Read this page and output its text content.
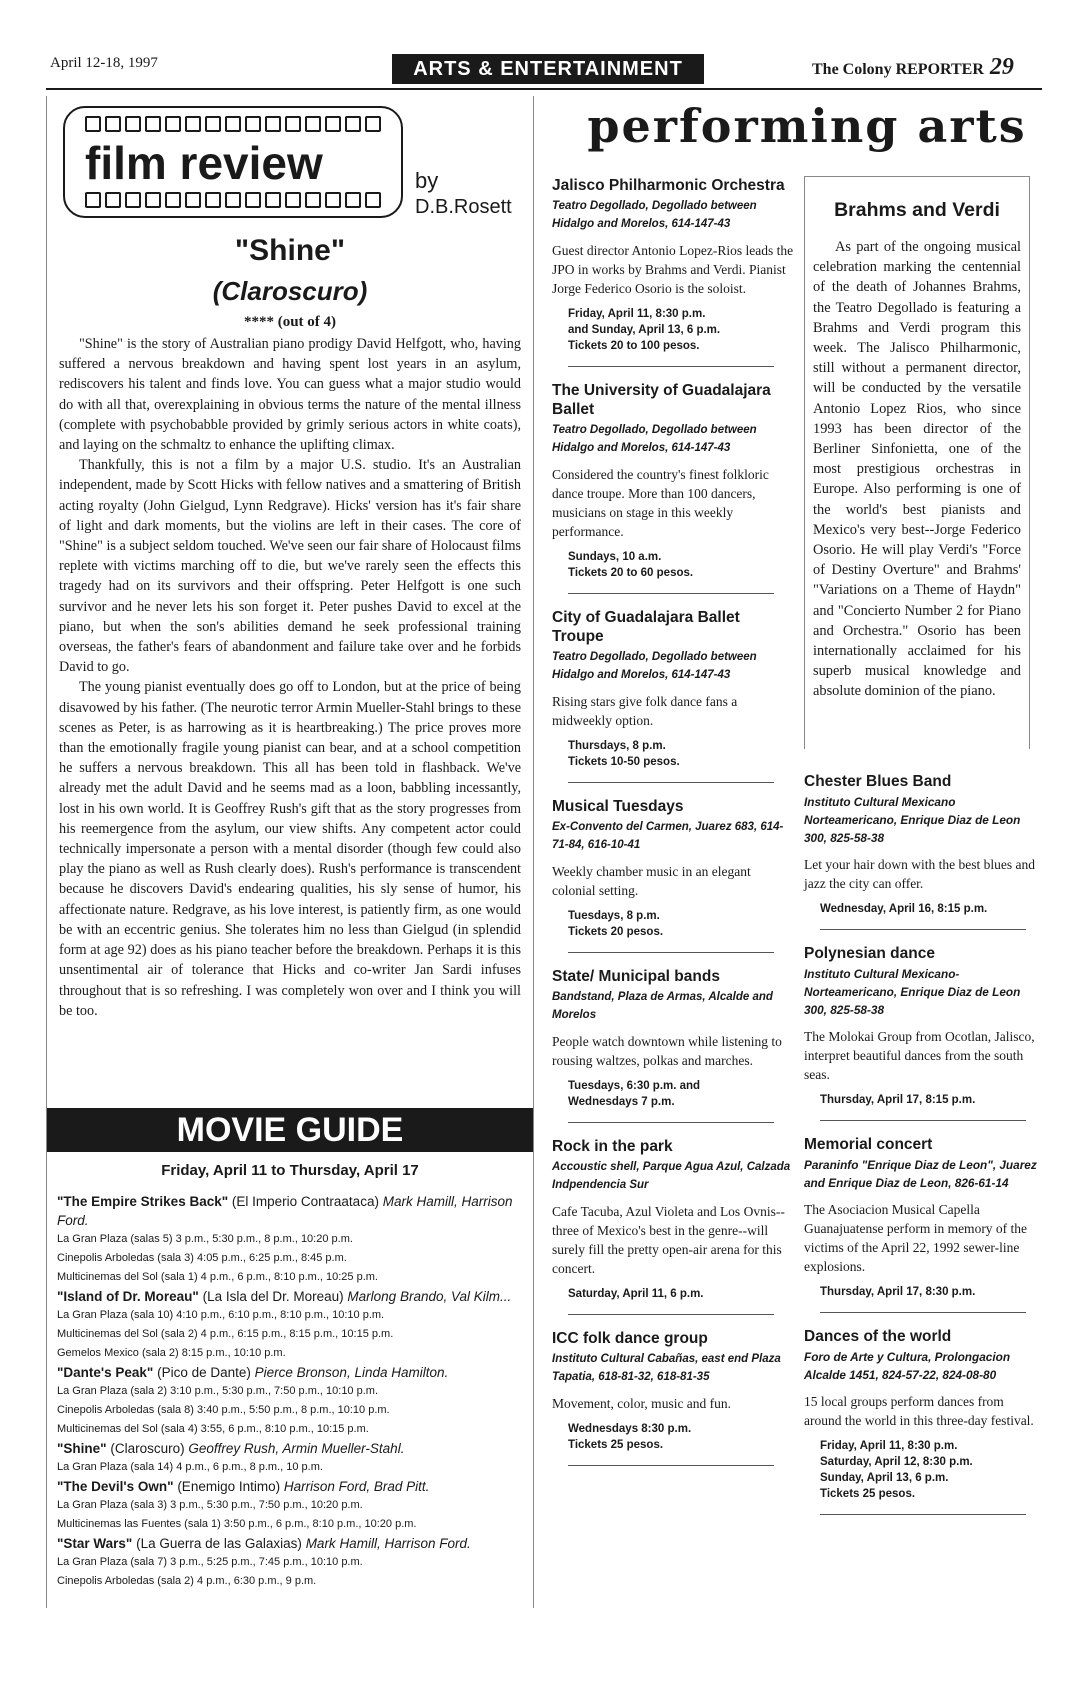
April 12-18, 1997	ARTS & ENTERTAINMENT	The Colony REPORTER 29
film review	by
D.B.Rosett
"Shine"
(Claroscuro)
**** (out of 4)

"Shine" is the story of Australian piano prodigy David Helfgott, who, having suffered a nervous breakdown and having spent lost years in an asylum, rediscovers his talent and finds love. You can guess what a major studio would do with all that, overexplaining in obvious terms the nature of the mental illness (complete with psychobabble provided by grimly serious actors in white coats), and laying on the schmaltz to enhance the uplifting climax.

Thankfully, this is not a film by a major U.S. studio. It's an Australian independent, made by Scott Hicks with fellow natives and a smattering of British acting royalty (John Gielgud, Lynn Redgrave). Hicks' version has it's fair share of light and dark moments, but the violins are left in their cases. The core of "Shine" is a subject seldom touched. We've seen our fair share of Holocaust films replete with victims marching off to die, but we've rarely seen the effects this tragedy had on its survivors and their offspring. Peter Helfgott is one such survivor and he never lets his son forget it. Peter pushes David to excel at the piano, but when the son's abilities demand he seek professional training overseas, the father's fears of abandonment and failure take over and he forbids David to go.

The young pianist eventually does go off to London, but at the price of being disavowed by his father. (The neurotic terror Armin Mueller-Stahl brings to these scenes as Peter, is as harrowing as it is heartbreaking.) The price proves more than the emotionally fragile young pianist can bear, and at a school competition he suffers a nervous breakdown. This all has been told in flashback. We've already met the adult David and he seems mad as a loon, babbling incessantly, lost in his own world. It is Geoffrey Rush's gift that as the story progresses from his reemergence from the asylum, our view shifts. Any competent actor could technically impersonate a person with a mental disorder (though few could also play the piano as well as Rush clearly does). Rush's performance is transcendent because he discovers David's endearing qualities, his sly sense of humor, his affectionate nature. Redgrave, as his love interest, is patiently firm, as one would be with an eccentric genius. She tolerates him no less than Gielgud (in splendid form at age 92) does as his piano teacher before the breakdown. Perhaps it is this unsentimental air of tolerance that Hicks and co-writer Jan Sardi infuses throughout that is so refreshing. I was completely won over and I think you will be too.

MOVIE GUIDE
Friday, April 11 to Thursday, April 17
"The Empire Strikes Back" (El Imperio Contraataca) Mark Hamill, Harrison Ford.
La Gran Plaza (salas 5) 3 p.m., 5:30 p.m., 8 p.m., 10:20 p.m.
Cinepolis Arboledas (sala 3) 4:05 p.m., 6:25 p.m., 8:45 p.m.
Multicinemas del Sol (sala 1) 4 p.m., 6 p.m., 8:10 p.m., 10:25 p.m.
"Island of Dr. Moreau" (La Isla del Dr. Moreau) Marlong Brando, Val Kilm...
La Gran Plaza (sala 10) 4:10 p.m., 6:10 p.m., 8:10 p.m., 10:10 p.m.
Multicinemas del Sol (sala 2) 4 p.m., 6:15 p.m., 8:15 p.m., 10:15 p.m.
Gemelos Mexico (sala 2) 8:15 p.m., 10:10 p.m.
"Dante's Peak" (Pico de Dante) Pierce Bronson, Linda Hamilton.
La Gran Plaza (sala 2) 3:10 p.m., 5:30 p.m., 7:50 p.m., 10:10 p.m.
Cinepolis Arboledas (sala 8) 3:40 p.m., 5:50 p.m., 8 p.m., 10:10 p.m.
Multicinemas del Sol (sala 4) 3:55, 6 p.m., 8:10 p.m., 10:15 p.m.
"Shine" (Claroscuro) Geoffrey Rush, Armin Mueller-Stahl.
La Gran Plaza (sala 14) 4 p.m., 6 p.m., 8 p.m., 10 p.m.
"The Devil's Own" (Enemigo Intimo) Harrison Ford, Brad Pitt.
La Gran Plaza (sala 3) 3 p.m., 5:30 p.m., 7:50 p.m., 10:20 p.m.
Multicinemas las Fuentes (sala 1) 3:50 p.m., 6 p.m., 8:10 p.m., 10:20 p.m.
"Star Wars" (La Guerra de las Galaxias) Mark Hamill, Harrison Ford.
La Gran Plaza (sala 7) 3 p.m., 5:25 p.m., 7:45 p.m., 10:10 p.m.
Cinepolis Arboledas (sala 2) 4 p.m., 6:30 p.m., 9 p.m.
performing arts
Jalisco Philharmonic Orchestra
Teatro Degollado, Degollado between Hidalgo and Morelos, 614-147-43
Guest director Antonio Lopez-Rios leads the JPO in works by Brahms and Verdi. Pianist Jorge Federico Osorio is the soloist.
Friday, April 11, 8:30 p.m.
and Sunday, April 13, 6 p.m.
Tickets 20 to 100 pesos.
The University of Guadalajara Ballet
Teatro Degollado, Degollado between Hidalgo and Morelos, 614-147-43
Considered the country's finest folkloric dance troupe. More than 100 dancers, musicians on stage in this weekly performance.
Sundays, 10 a.m.
Tickets 20 to 60 pesos.
City of Guadalajara Ballet Troupe
Teatro Degollado, Degollado between Hidalgo and Morelos, 614-147-43
Rising stars give folk dance fans a midweekly option.
Thursdays, 8 p.m.
Tickets 10-50 pesos.
Musical Tuesdays
Ex-Convento del Carmen, Juarez 683, 614-71-84, 616-10-41
Weekly chamber music in an elegant colonial setting.
Tuesdays, 8 p.m.
Tickets 20 pesos.
State/ Municipal bands
Bandstand, Plaza de Armas, Alcalde and Morelos
People watch downtown while listening to rousing waltzes, polkas and marches.
Tuesdays, 6:30 p.m. and
Wednesdays 7 p.m.
Rock in the park
Accoustic shell, Parque Agua Azul, Calzada Indpendencia Sur
Cafe Tacuba, Azul Violeta and Los Ovnis--three of Mexico's best in the genre--will surely fill the pretty open-air arena for this concert.
Saturday, April 11, 6 p.m.
ICC folk dance group
Instituto Cultural Cabañas, east end Plaza Tapatia, 618-81-32, 618-81-35
Movement, color, music and fun.
Wednesdays 8:30 p.m.
Tickets 25 pesos.
Brahms and Verdi

As part of the ongoing musical celebration marking the centennial of the death of Johannes Brahms, the Teatro Degollado is featuring a Brahms and Verdi program this week. The Jalisco Philharmonic, still without a permanent director, will be conducted by the versatile Antonio Lopez Rios, who since 1993 has been director of the Berliner Sinfonietta, one of the most prestigious orchestras in Europe. Also performing is one of the world's best pianists and Mexico's very best--Jorge Federico Osorio. He will play Verdi's "Force of Destiny Overture" and Brahms' "Variations on a Theme of Haydn" and "Concierto Number 2 for Piano and Orchestra." Osorio has been internationally acclaimed for his superb musical knowledge and absolute dominion of the piano.

Chester Blues Band
Instituto Cultural Mexicano Norteamericano, Enrique Diaz de Leon 300, 825-58-38
Let your hair down with the best blues and jazz the city can offer.
Wednesday, April 16, 8:15 p.m.
Polynesian dance
Instituto Cultural Mexicano-Norteamericano, Enrique Diaz de Leon 300, 825-58-38
The Molokai Group from Ocotlan, Jalisco, interpret beautiful dances from the south seas.
Thursday, April 17, 8:15 p.m.
Memorial concert
Paraninfo "Enrique Diaz de Leon", Juarez and Enrique Diaz de Leon, 826-61-14
The Asociacion Musical Capella Guanajuatense perform in memory of the victims of the April 22, 1992 sewer-line explosions.
Thursday, April 17, 8:30 p.m.
Dances of the world
Foro de Arte y Cultura, Prolongacion Alcalde 1451, 824-57-22, 824-08-80
15 local groups perform dances from around the world in this three-day festival.
Friday, April 11, 8:30 p.m.
Saturday, April 12, 8:30 p.m.
Sunday, April 13, 6 p.m.
Tickets 25 pesos.
